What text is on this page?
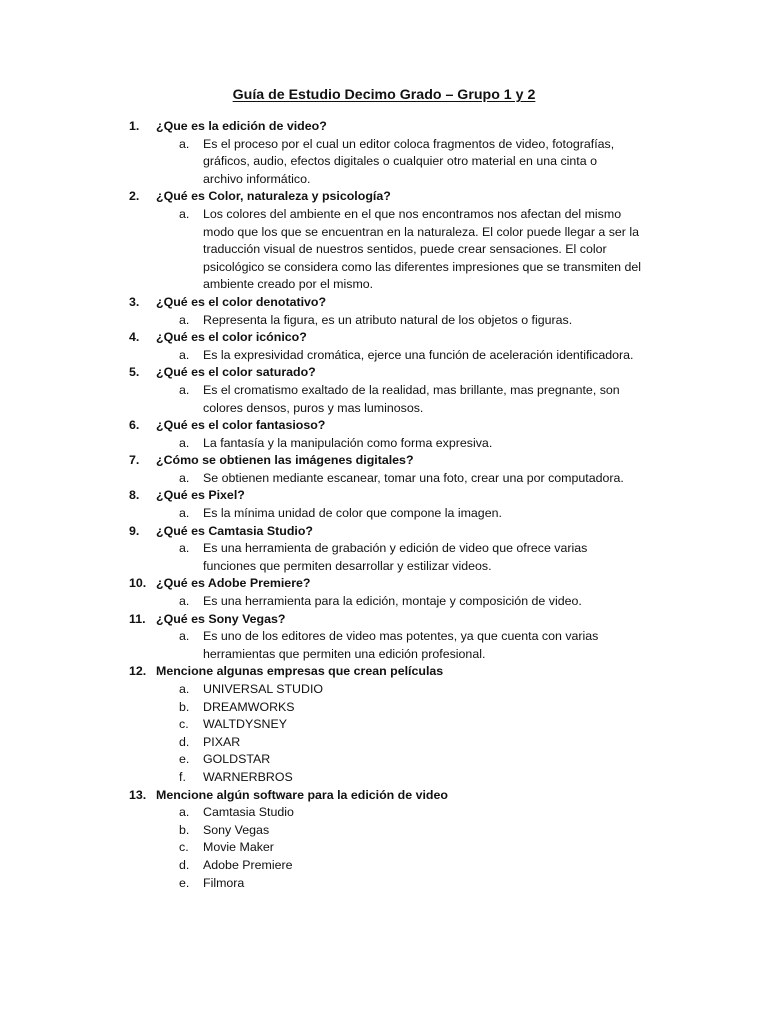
Guía de Estudio Decimo Grado – Grupo 1 y 2
1. ¿Que es la edición de video?
a. Es el proceso por el cual un editor coloca fragmentos de video, fotografías,
gráficos, audio, efectos digitales o cualquier otro material en una cinta o
archivo informático.
2. ¿Qué es Color, naturaleza y psicología?
a. Los colores del ambiente en el que nos encontramos nos afectan del mismo
modo que los que se encuentran en la naturaleza. El color puede llegar a ser la
traducción visual de nuestros sentidos, puede crear sensaciones. El color
psicológico se considera como las diferentes impresiones que se transmiten del
ambiente creado por el mismo.
3. ¿Qué es el color denotativo?
a. Representa la figura, es un atributo natural de los objetos o figuras.
4. ¿Qué es el color icónico?
a. Es la expresividad cromática, ejerce una función de aceleración identificadora.
5. ¿Qué es el color saturado?
a. Es el cromatismo exaltado de la realidad, mas brillante, mas pregnante, son
colores densos, puros y mas luminosos.
6. ¿Qué es el color fantasioso?
a. La fantasía y la manipulación como forma expresiva.
7. ¿Cómo se obtienen las imágenes digitales?
a. Se obtienen mediante escanear, tomar una foto, crear una por computadora.
8. ¿Qué es Pixel?
a. Es la mínima unidad de color que compone la imagen.
9. ¿Qué es Camtasia Studio?
a. Es una herramienta de grabación y edición de video que ofrece varias
funciones que permiten desarrollar y estilizar videos.
10. ¿Qué es Adobe Premiere?
a. Es una herramienta para la edición, montaje y composición de video.
11. ¿Qué es Sony Vegas?
a. Es uno de los editores de video mas potentes, ya que cuenta con varias
herramientas que permiten una edición profesional.
12. Mencione algunas empresas que crean películas
a. UNIVERSAL STUDIO
b. DREAMWORKS
c. WALTDYSNEY
d. PIXAR
e. GOLDSTAR
f. WARNERBROS
13. Mencione algún software para la edición de video
a. Camtasia Studio
b. Sony Vegas
c. Movie Maker
d. Adobe Premiere
e. Filmora
